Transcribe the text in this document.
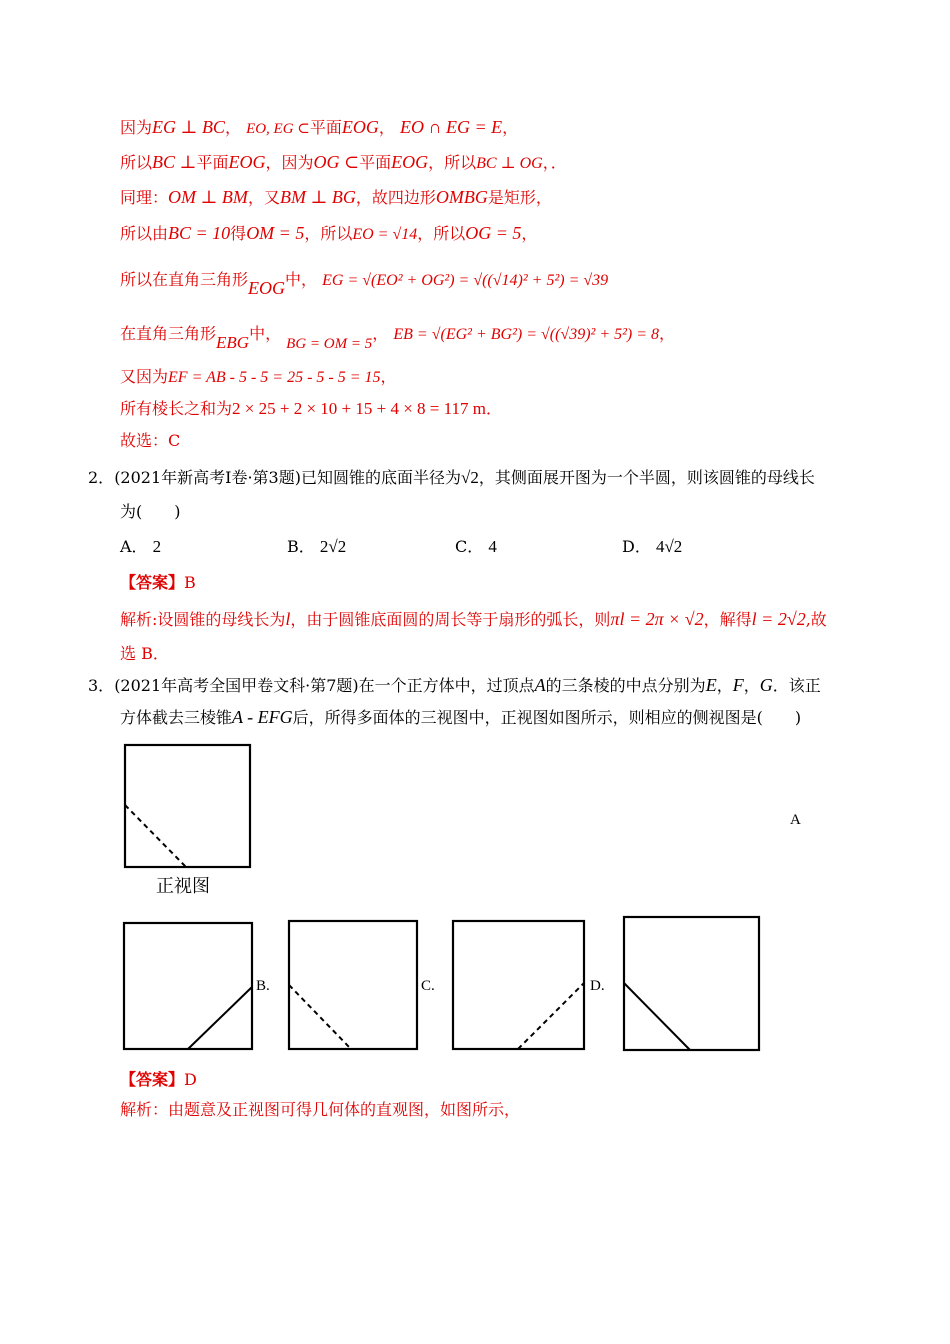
因为EG ⊥ BC， EO, EG ⊂平面EOG， EO ∩ EG = E，
所以BC ⊥平面EOG，因为OG ⊂平面EOG，所以BC ⊥ OG，．
同理：OM ⊥ BM，又BM ⊥ BG，故四边形OMBG是矩形，
所以由BC = 10得OM = 5，所以EO = √14，所以OG = 5，
所以在直角三角形EOG中， EG = √(EO² + OG²) = √((√14)² + 5²) = √39
在直角三角形EBG中， BG = OM = 5， EB = √(EG² + BG²) = √((√39)² + 5²) = 8，
又因为EF = AB - 5 - 5 = 25 - 5 - 5 = 15，
所有棱长之和为2 × 25 + 2 × 10 + 15 + 4 × 8 = 117 m．
故选：C
2．(2021年新高考Ⅰ卷·第3题)已知圆锥的底面半径为√2，其侧面展开图为一个半圆，则该圆锥的母线长
为(　　)
A． 2	B． 2√2	C． 4	D． 4√2
【答案】B
解析:设圆锥的母线长为l，由于圆锥底面圆的周长等于扇形的弧长，则πl = 2π × √2，解得l = 2√2,故
选 B．
3．(2021年高考全国甲卷文科·第7题)在一个正方体中，过顶点A的三条棱的中点分别为E，F，G．该正
方体截去三棱锥A - EFG后，所得多面体的三视图中，正视图如图所示，则相应的侧视图是(　　)
正视图
A
B.	C.	D.
【答案】D
解析：由题意及正视图可得几何体的直观图，如图所示，
